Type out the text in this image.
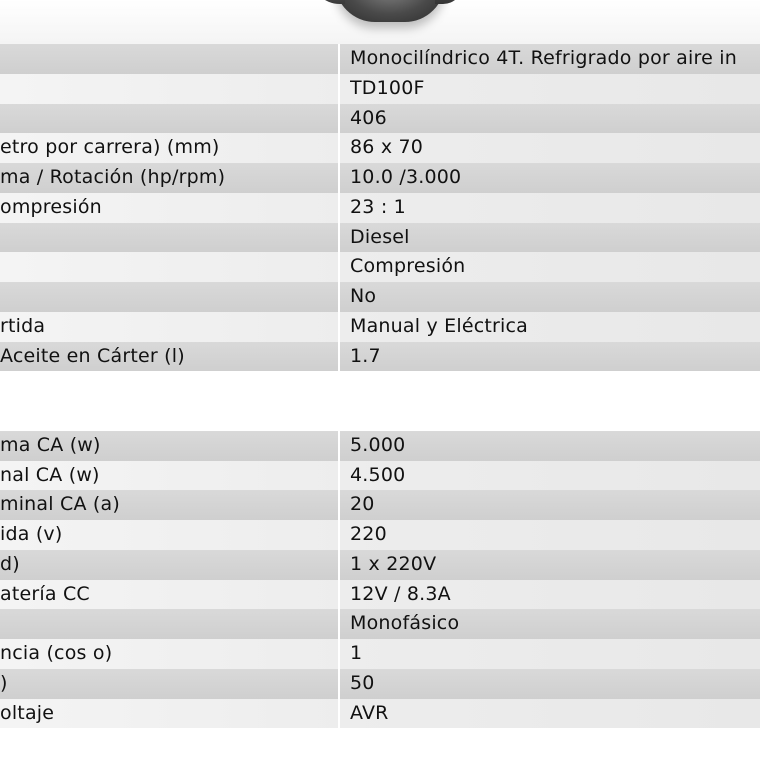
Monocilíndrico 4T. Refrigrado por aire in
TD100F
406
etro por carrera) (mm)	86 x 70
ma / Rotación (hp/rpm)	10.0 /3.000
ompresión	23 : 1
Diesel
Compresión
No
rtida	Manual y Eléctrica
Aceite en Cárter (l)	1.7
ma CA (w)	5.000
nal CA (w)	4.500
minal CA (a)	20
ida (v)	220
d)	1 x 220V
atería CC	12V / 8.3A
Monofásico
ncia (cos o)	1
)	50
oltaje	AVR
